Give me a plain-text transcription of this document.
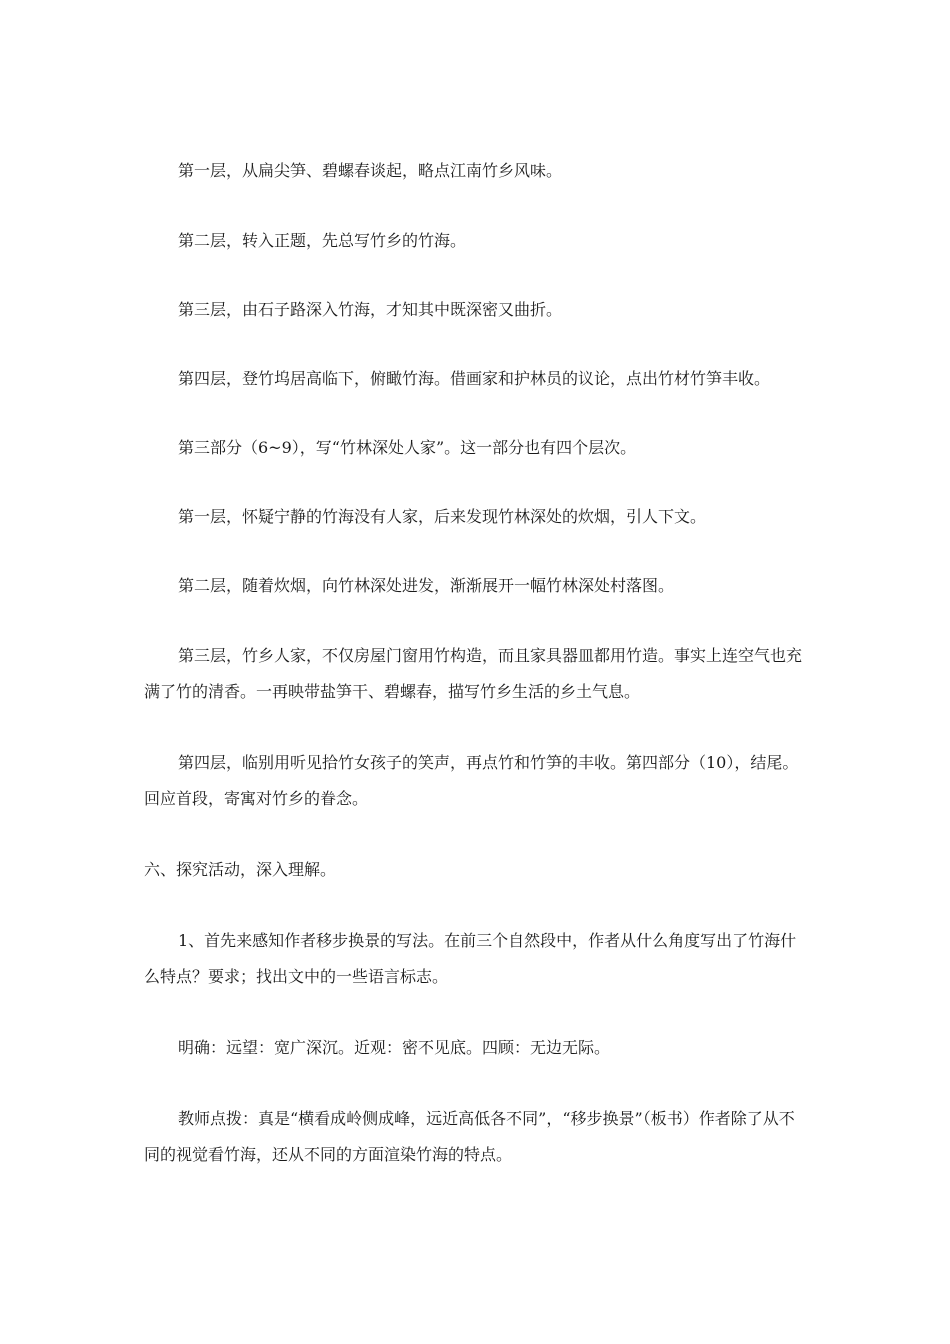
第一层，从扁尖笋、碧螺春谈起，略点江南竹乡风味。

第二层，转入正题，先总写竹乡的竹海。

第三层，由石子路深入竹海，才知其中既深密又曲折。

第四层，登竹坞居高临下，俯瞰竹海。借画家和护林员的议论，点出竹材竹笋丰收。

第三部分（6~9），写“竹林深处人家”。这一部分也有四个层次。

第一层，怀疑宁静的竹海没有人家，后来发现竹林深处的炊烟，引人下文。

第二层，随着炊烟，向竹林深处进发，渐渐展开一幅竹林深处村落图。

第三层，竹乡人家，不仅房屋门窗用竹构造，而且家具器皿都用竹造。事实上连空气也充满了竹的清香。一再映带盐笋干、碧螺春，描写竹乡生活的乡土气息。

第四层，临别用听见拾竹女孩子的笑声，再点竹和竹笋的丰收。第四部分（10），结尾。回应首段，寄寓对竹乡的眷念。

六、探究活动，深入理解。

1、首先来感知作者移步换景的写法。在前三个自然段中，作者从什么角度写出了竹海什么特点？要求；找出文中的一些语言标志。

明确：远望：宽广深沉。近观：密不见底。四顾：无边无际。

教师点拨：真是“横看成岭侧成峰，远近高低各不同”，“移步换景”（板书）作者除了从不同的视觉看竹海，还从不同的方面渲染竹海的特点。
